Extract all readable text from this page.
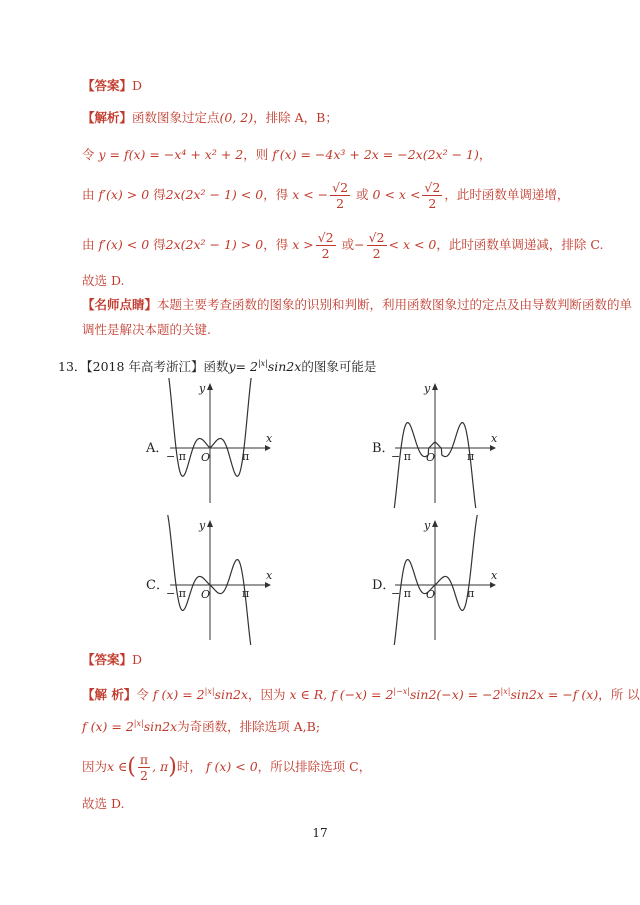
【答案】D
【解析】函数图象过定点(0, 2)，排除 A，B；
令 y = f(x) = −x⁴ + x² + 2，则 f′(x) = −4x³ + 2x = −2x(2x² − 1)，
由 f′(x) > 0 得2x(2x² − 1) < 0，得 x < − $\frac{√2}{2}$ 或 $0 < x < \frac{√2}{2}$ ，此时函数单调递增，
由 f′(x) < 0 得2x(2x² − 1) > 0，得 $x > \frac{√2}{2}$ 或− $\frac{√2}{2} < x < 0$，此时函数单调递减，排除 C.
故选 D.
【名师点睛】本题主要考查函数的图象的识别和判断，利用函数图象过的定点及由导数判断函数的单
调性是解决本题的关键.
13．【2018 年高考浙江】函数$y= 2^{|x|}\sin 2x$的图象可能是
A．	B．
C．	D．
x
y
O
− π	π
x
y
O
− π	π
x
y
O
− π	π
x
y
O
− π	π
【答案】D
【解 析】令 f $(x) = 2^{|x|}\sin 2x$，因为 x ∈ R, f $(-x) = 2^{|-x|}\sin 2(-x) = -2^{|x|}\sin 2x = -f$ (x)，所 以
f $(x) = 2^{|x|}\sin 2x$为奇函数，排除选项 A,B;
因为x ∈( $\frac{\pi}{2}$ , π)时， f (x) < 0，所以排除选项 C，
故选 D.
17
